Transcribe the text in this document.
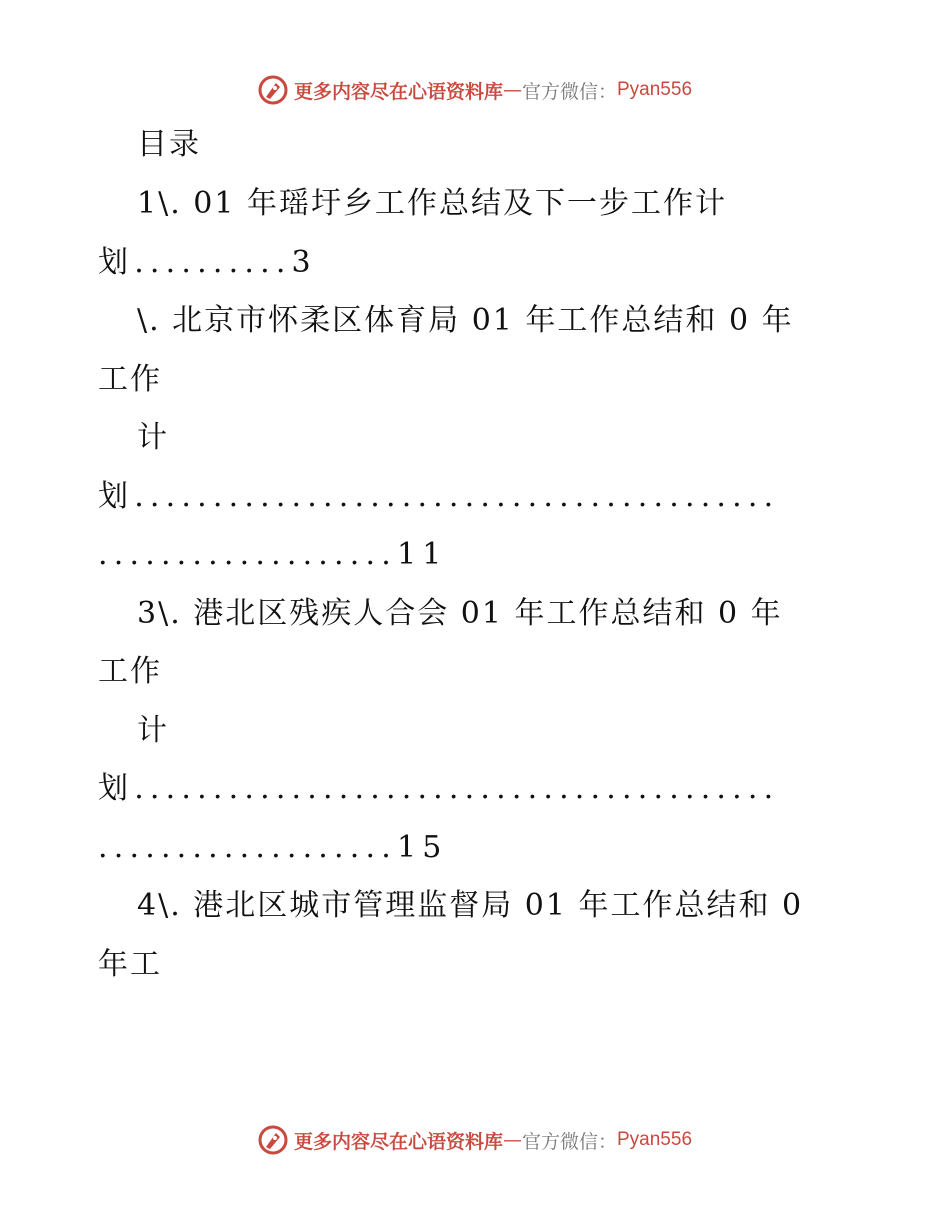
更多内容尽在心语资料库 — 官方微信： Pyan556
目录
1\. 01 年瑶圩乡工作总结及下一步工作计
划..........3
\. 北京市怀柔区体育局 01 年工作总结和 0 年
工作
计
划.........................................
...................11
3\. 港北区残疾人合会 01 年工作总结和 0 年
工作
计
划.........................................
...................15
4\. 港北区城市管理监督局 01 年工作总结和 0
年工
更多内容尽在心语资料库 — 官方微信： Pyan556
